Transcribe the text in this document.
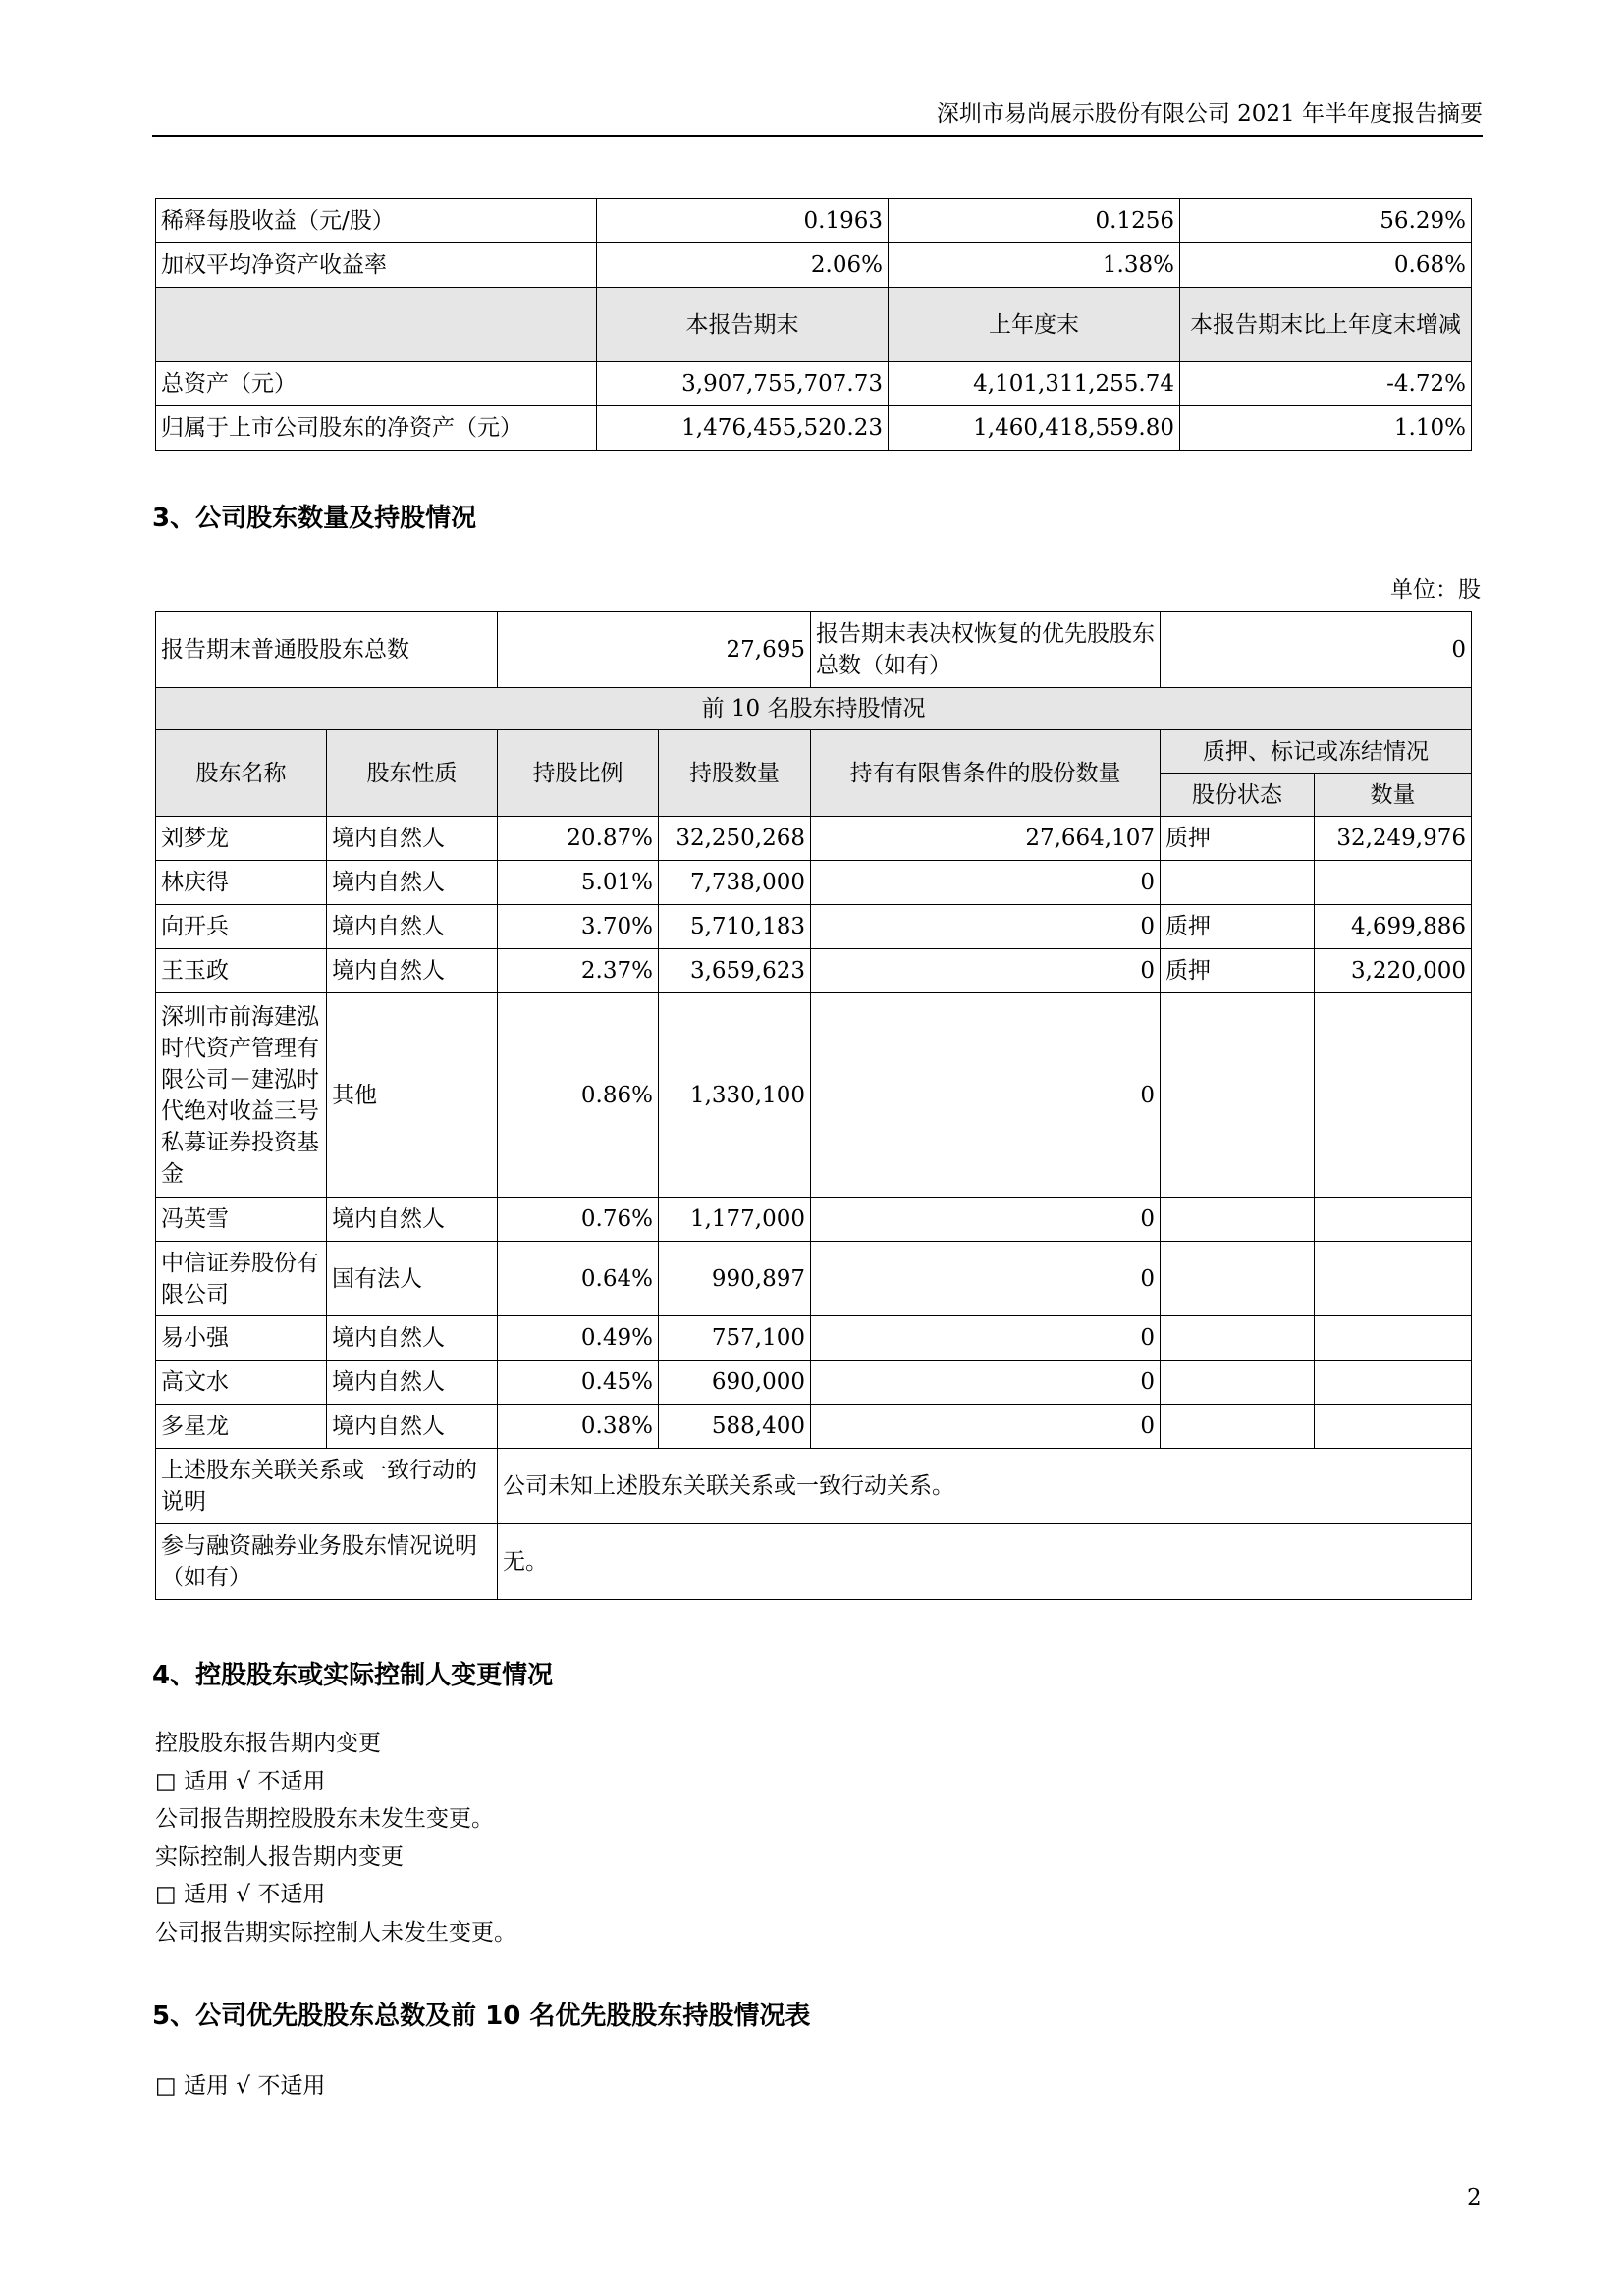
深圳市易尚展示股份有限公司 2021 年半年度报告摘要
稀释每股收益（元/股）	0.1963	0.1256	56.29%
加权平均净资产收益率	2.06%	1.38%	0.68%
	本报告期末	上年度末	本报告期末比上年度末增减
总资产（元）	3,907,755,707.73	4,101,311,255.74	-4.72%
归属于上市公司股东的净资产（元）	1,476,455,520.23	1,460,418,559.80	1.10%
3、公司股东数量及持股情况
单位：股
报告期末普通股股东总数		27,695		报告期末表决权恢复的优先股股东总数（如有）	0	
前 10 名股东持股情况						
股东名称	股东性质	持股比例	持股数量	持有有限售条件的股份数量	质押、标记或冻结情况	
					股份状态	数量
刘梦龙	境内自然人	20.87%	32,250,268	27,664,107	质押	32,249,976
林庆得	境内自然人	5.01%	7,738,000	0		
向开兵	境内自然人	3.70%	5,710,183	0	质押	4,699,886
王玉政	境内自然人	2.37%	3,659,623	0	质押	3,220,000
深圳市前海建泓时代资产管理有限公司－建泓时代绝对收益三号私募证券投资基金	其他	0.86%	1,330,100	0		
冯英雪	境内自然人	0.76%	1,177,000	0		
中信证券股份有限公司	国有法人	0.64%	990,897	0		
易小强	境内自然人	0.49%	757,100	0		
高文水	境内自然人	0.45%	690,000	0		
多星龙	境内自然人	0.38%	588,400	0		
上述股东关联关系或一致行动的说明		公司未知上述股东关联关系或一致行动关系。				
参与融资融券业务股东情况说明（如有）		无。				
4、控股股东或实际控制人变更情况
控股股东报告期内变更
□ 适用 √ 不适用
公司报告期控股股东未发生变更。
实际控制人报告期内变更
□ 适用 √ 不适用
公司报告期实际控制人未发生变更。
5、公司优先股股东总数及前 10 名优先股股东持股情况表
□ 适用 √ 不适用
2
